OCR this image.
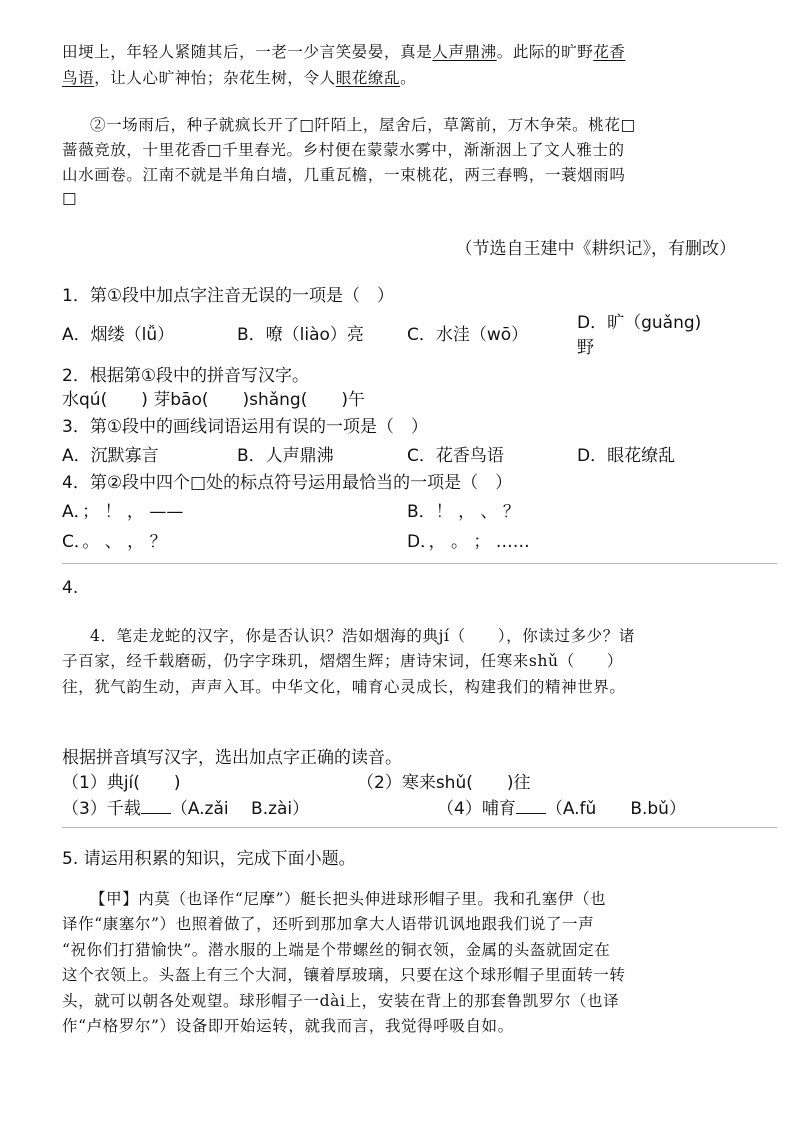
田埂上，年轻人紧随其后，一老一少言笑晏晏，真是人声鼎沸。此际的旷野花香
鸟语，让人心旷神怡；杂花生树，令人眼花缭乱。
②一场雨后，种子就疯长开了□阡陌上，屋舍后，草篱前，万木争荣。桃花□
蔷薇竞放，十里花香□千里春光。乡村便在蒙蒙水雾中，渐渐洇上了文人雅士的
山水画卷。江南不就是半角白墙，几重瓦檐，一束桃花，两三春鸭，一蓑烟雨吗
□
（节选自王建中《耕织记》，有删改）
1．第①段中加点字注音无误的一项是（　）
A．烟缕（lǚ）	B．嘹（liào）亮	C．水洼（wō）
D．旷（guǎng)
野
2．根据第①段中的拼音写汉字。
水qú(　　) 芽bāo(　　)shǎng(　　)午
3．第①段中的画线词语运用有误的一项是（　）
A．沉默寡言	B．人声鼎沸	C．花香鸟语	D．眼花缭乱
4．第②段中四个□处的标点符号运用最恰当的一项是（　）
A．； ！ ， ——	B．！ ， 、 ？
C．。 、 ， ？	D．， 。 ； ……
4.
4．笔走龙蛇的汉字，你是否认识？浩如烟海的典jí（　　），你读过多少？诸
子百家，经千载磨砺，仍字字珠玑，熠熠生辉；唐诗宋词，任寒来shǔ（　　）
往，犹气韵生动，声声入耳。中华文化，哺育心灵成长，构建我们的精神世界。
根据拼音填写汉字，选出加点字正确的读音。
（1）典jí(　　)	（2）寒来shǔ(　　)往
（3）千载 （A.zǎi　 B.zài）	（4）哺育 （A.fǔ　　B.bǔ）
5. 请运用积累的知识，完成下面小题。
【甲】内莫（也译作“尼摩”）艇长把头伸进球形帽子里。我和孔塞伊（也
译作“康塞尔”）也照着做了，还听到那加拿大人语带讥讽地跟我们说了一声
“祝你们打猎愉快”。潜水服的上端是个带螺丝的铜衣领，金属的头盔就固定在
这个衣领上。头盔上有三个大洞，镶着厚玻璃，只要在这个球形帽子里面转一转
头，就可以朝各处观望。球形帽子一dài上，安装在背上的那套鲁凯罗尔（也译
作“卢格罗尔”）设备即开始运转，就我而言，我觉得呼吸自如。
